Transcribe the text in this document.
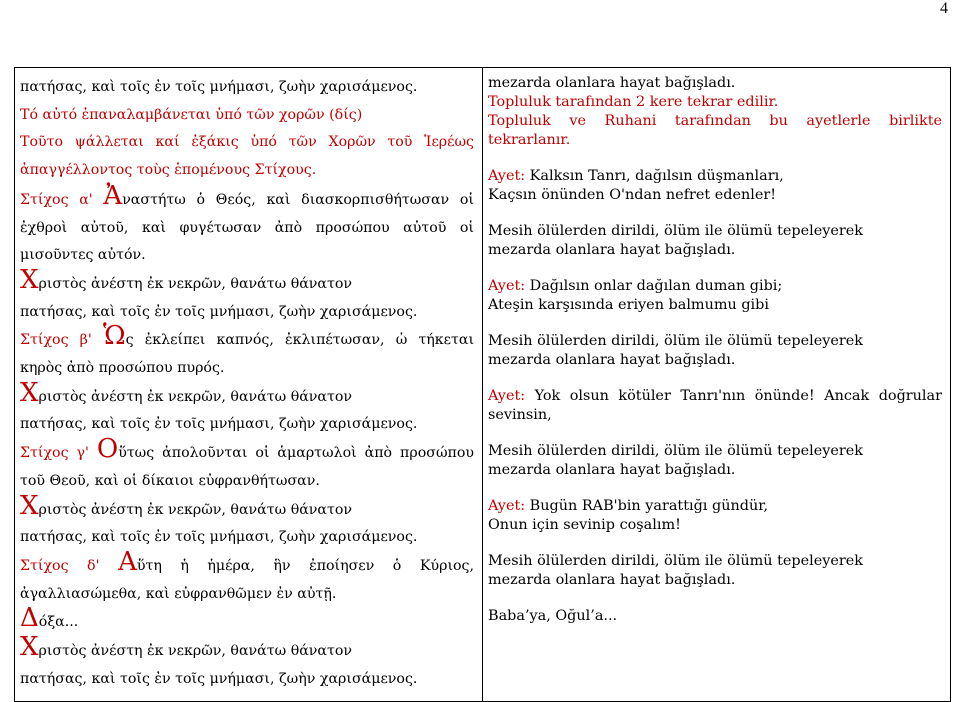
4

πατήσας, καὶ τοῖς ἐν τοῖς μνήμασι, ζωὴν χαρισάμενος.

Τό αὐτό ἐπαναλαμβάνεται ὑπό τῶν χορῶν (δίς)

Τοῦτο ψάλλεται καί ἐξάκις ὑπό τῶν Χορῶν τοῦ Ἱερέως ἀπαγγέλλοντος τοὺς ἑπομένους Στίχους.

Στίχος α' Ἀναστήτω ὁ Θεός, καὶ διασκορπισθήτωσαν οἱ ἐχθροὶ αὐτοῦ, καὶ φυγέτωσαν ἀπὸ προσώπου αὐτοῦ οἱ μισοῦντες αὐτόν.

Χριστὸς ἀνέστη ἐκ νεκρῶν, θανάτω θάνατον
πατήσας, καὶ τοῖς ἐν τοῖς μνήμασι, ζωὴν χαρισάμενος.

Στίχος β' Ὡς ἐκλείπει καπνός, ἐκλιπέτωσαν, ὡ τήκεται κηρὸς ἀπὸ προσώπου πυρός.

Χριστὸς ἀνέστη ἐκ νεκρῶν, θανάτω θάνατον
πατήσας, καὶ τοῖς ἐν τοῖς μνήμασι, ζωὴν χαρισάμενος.

Στίχος γ' Οὕτως ἀπολοῦνται οἱ ἁμαρτωλοὶ ἀπὸ προσώπου τοῦ Θεοῦ, καὶ οἱ δίκαιοι εὐφρανθήτωσαν.

Χριστὸς ἀνέστη ἐκ νεκρῶν, θανάτω θάνατον
πατήσας, καὶ τοῖς ἐν τοῖς μνήμασι, ζωὴν χαρισάμενος.

Στίχος δ' Αὕτη ἡ ἡμέρα, ἣν ἐποίησεν ὁ Κύριος, ἀγαλλιασώμεθα, καὶ εὐφρανθῶμεν ἐν αὐτῇ.

Δόξα...

Χριστὸς ἀνέστη ἐκ νεκρῶν, θανάτω θάνατον
πατήσας, καὶ τοῖς ἐν τοῖς μνήμασι, ζωὴν χαρισάμενος.

mezarda olanlara hayat bağışladı.

Topluluk tarafından 2 kere tekrar edilir.

Topluluk ve Ruhani tarafından bu ayetlerle birlikte tekrarlanır.

Ayet: Kalksın Tanrı, dağılsın düşmanları,
Kaçsın önünden O'ndan nefret edenler!

Mesih ölülerden dirildi, ölüm ile ölümü tepeleyerek
mezarda olanlara hayat bağışladı.

Ayet: Dağılsın onlar dağılan duman gibi;
Ateşin karşısında eriyen balmumu gibi

Mesih ölülerden dirildi, ölüm ile ölümü tepeleyerek
mezarda olanlara hayat bağışladı.

Ayet: Yok olsun kötüler Tanrı'nın önünde! Ancak doğrular sevinsin,

Mesih ölülerden dirildi, ölüm ile ölümü tepeleyerek
mezarda olanlara hayat bağışladı.

Ayet: Bugün RAB'bin yarattığı gündür,
Onun için sevinip coşalım!

Mesih ölülerden dirildi, ölüm ile ölümü tepeleyerek
mezarda olanlara hayat bağışladı.

Baba’ya, Oğul’a...
